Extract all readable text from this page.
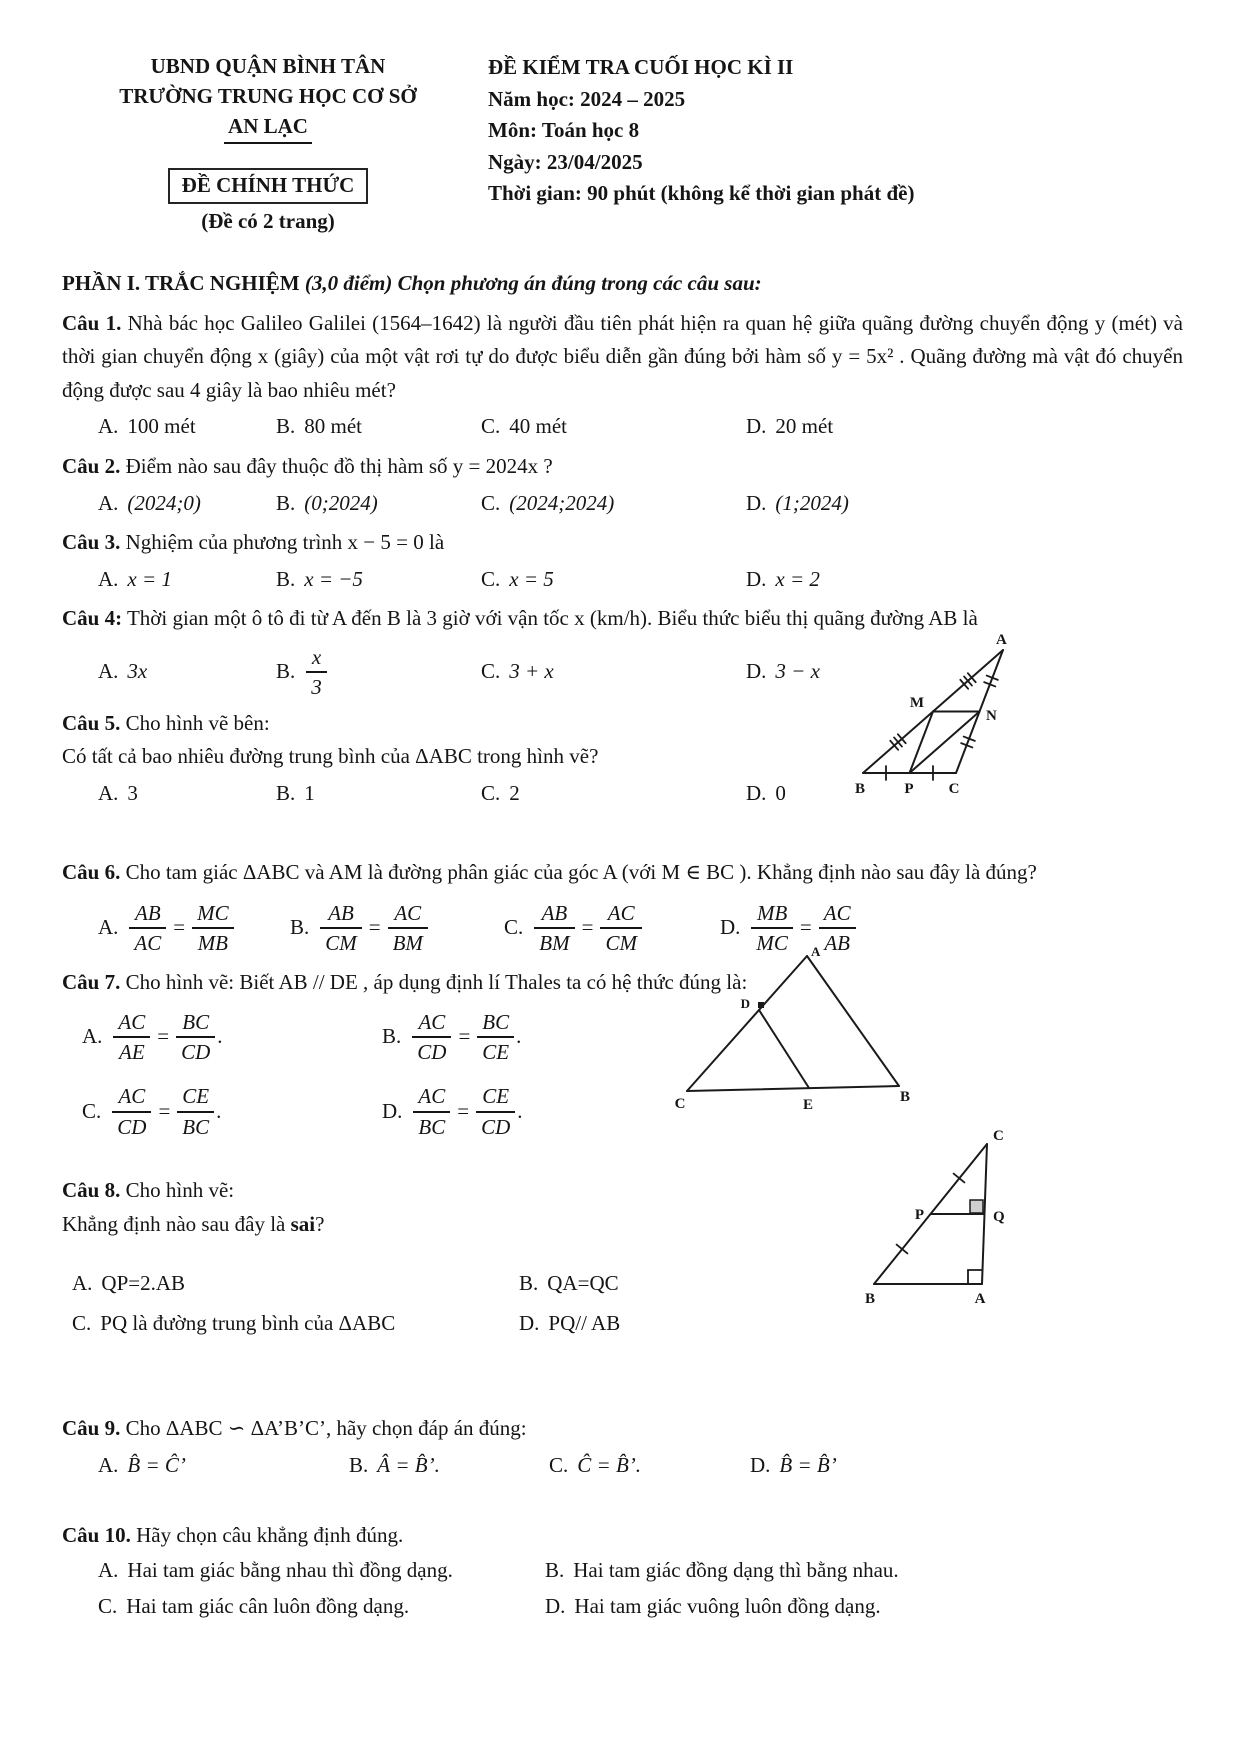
UBND QUẬN BÌNH TÂN
TRƯỜNG TRUNG HỌC CƠ SỞ
AN LẠC
ĐỀ CHÍNH THỨC
(Đề có 2 trang)
ĐỀ KIỂM TRA CUỐI HỌC KÌ II
Năm học: 2024 – 2025
Môn: Toán học 8
Ngày: 23/04/2025
Thời gian: 90 phút (không kể thời gian phát đề)
PHẦN I. TRẮC NGHIỆM (3,0 điểm) Chọn phương án đúng trong các câu sau:
Câu 1. Nhà bác học Galileo Galilei (1564–1642) là người đầu tiên phát hiện ra quan hệ giữa quãng đường chuyển động y (mét) và thời gian chuyển động x (giây) của một vật rơi tự do được biểu diễn gần đúng bởi hàm số y = 5x² . Quãng đường mà vật đó chuyển động được sau 4 giây là bao nhiêu mét?
A. 100 mét	B. 80 mét	C. 40 mét	D. 20 mét
Câu 2. Điểm nào sau đây thuộc đồ thị hàm số y = 2024x ?
A. (2024;0)	B. (0;2024)	C. (2024;2024)	D. (1;2024)
Câu 3. Nghiệm của phương trình x − 5 = 0 là
A. x = 1	B. x = −5	C. x = 5	D. x = 2
Câu 4: Thời gian một ô tô đi từ A đến B là 3 giờ với vận tốc x (km/h). Biểu thức biểu thị quãng đường AB là
A. 3x	B. $\frac{x}{3}$	C. 3 + x	D. 3 − x
Câu 5. Cho hình vẽ bên:
Có tất cả bao nhiêu đường trung bình của ΔABC trong hình vẽ?
A. 3	B. 1	C. 2	D. 0
Câu 6. Cho tam giác ΔABC và AM là đường phân giác của góc A (với M ∈ BC ). Khẳng định nào sau đây là đúng?
A. $\frac{AB}{AC} = \frac{MC}{MB}$	B. $\frac{AB}{CM} = \frac{AC}{BM}$	C. $\frac{AB}{BM} = \frac{AC}{CM}$	D. $\frac{MB}{MC} = \frac{AC}{AB}$
Câu 7. Cho hình vẽ: Biết AB // DE , áp dụng định lí Thales ta có hệ thức đúng là:
A. $\frac{AC}{AE} = \frac{BC}{CD}$ .	B. $\frac{AC}{CD} = \frac{BC}{CE}$ .
C. $\frac{AC}{CD} = \frac{CE}{BC}$ .	D. $\frac{AC}{BC} = \frac{CE}{CD}$ .
Câu 8. Cho hình vẽ:
Khẳng định nào sau đây là sai?
A. QP=2.AB	B. QA=QC
C. PQ là đường trung bình của ΔABC	D. PQ// AB
Câu 9. Cho ΔABC ∽ ΔA’B’C’, hãy chọn đáp án đúng:
A. B̂ = Ĉ’	B. Â = B̂’.	C. Ĉ = B̂’.	D. B̂ = B̂’
Câu 10. Hãy chọn câu khẳng định đúng.
A. Hai tam giác bằng nhau thì đồng dạng.	B. Hai tam giác đồng dạng thì bằng nhau.
C. Hai tam giác cân luôn đồng dạng.	D. Hai tam giác vuông luôn đồng dạng.
A
M
N
B	P C
A
D
C	E	B
C
P	Q
B	A
